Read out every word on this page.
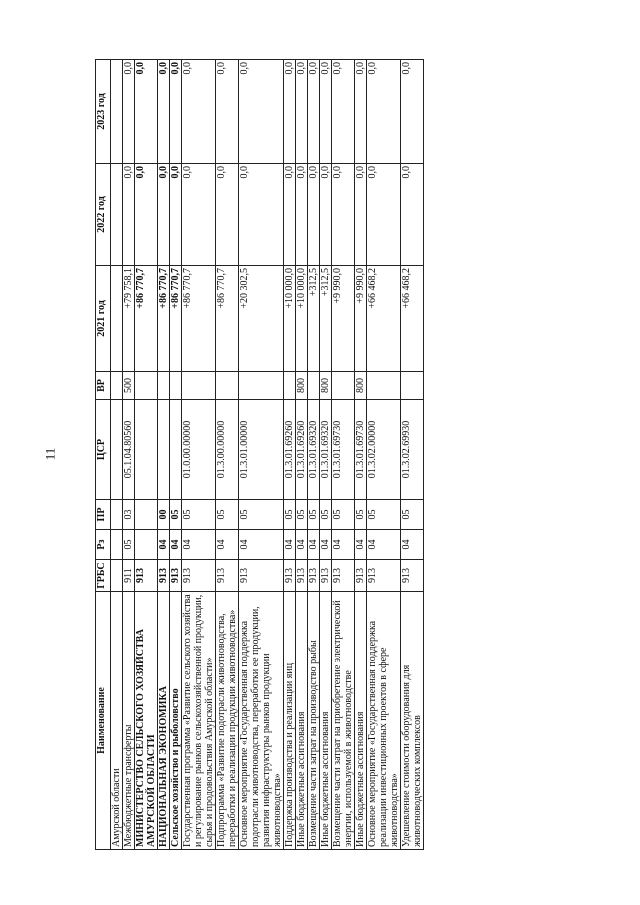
11
Наименование	ГРБС	Рз	ПР	ЦСР	ВР	2021 год	2022 год	2023 год
Амурской области								
Межбюджетные трансферты	911	05	03	05.1.04.80560	500	+79 758,1	0,0	0,0
МИНИСТЕРСТВО СЕЛЬСКОГО ХОЗЯЙСТВА АМУРСКОЙ ОБЛАСТИ	913					+86 770,7	0,0	0,0
НАЦИОНАЛЬНАЯ ЭКОНОМИКА	913	04	00			+86 770,7	0,0	0,0
Сельское хозяйство и рыболовство	913	04	05			+86 770,7	0,0	0,0
Государственная программа «Развитие сельского хозяйства и регулирование рынков сельскохозяйственной продукции, сырья и продовольствия Амурской области»	913	04	05	01.0.00.00000		+86 770,7	0,0	0,0
Подпрограмма «Развитие подотрасли животноводства, переработки и реализации продукции животноводства»	913	04	05	01.3.00.00000		+86 770,7	0,0	0,0
Основное мероприятие «Государственная поддержка подотрасли животноводства, переработки ее продукции, развития инфраструктуры рынков продукции животноводства»	913	04	05	01.3.01.00000		+20 302,5	0,0	0,0
Поддержка производства и реализации яиц	913	04	05	01.3.01.69260		+10 000,0	0,0	0,0
Иные бюджетные ассигнования	913	04	05	01.3.01.69260	800	+10 000,0	0,0	0,0
Возмещение части затрат на производство рыбы	913	04	05	01.3.01.69320		+312,5	0,0	0,0
Иные бюджетные ассигнования	913	04	05	01.3.01.69320	800	+312,5	0,0	0,0
Возмещение части затрат на приобретение электрической энергии, используемой в животноводстве	913	04	05	01.3.01.69730		+9 990,0	0,0	0,0
Иные бюджетные ассигнования	913	04	05	01.3.01.69730	800	+9 990,0	0,0	0,0
Основное мероприятие «Государственная поддержка реализации инвестиционных проектов в сфере животноводства»	913	04	05	01.3.02.00000		+66 468,2	0,0	0,0
Удешевление стоимости оборудования для животноводческих комплексов	913	04	05	01.3.02.69930		+66 468,2	0,0	0,0
